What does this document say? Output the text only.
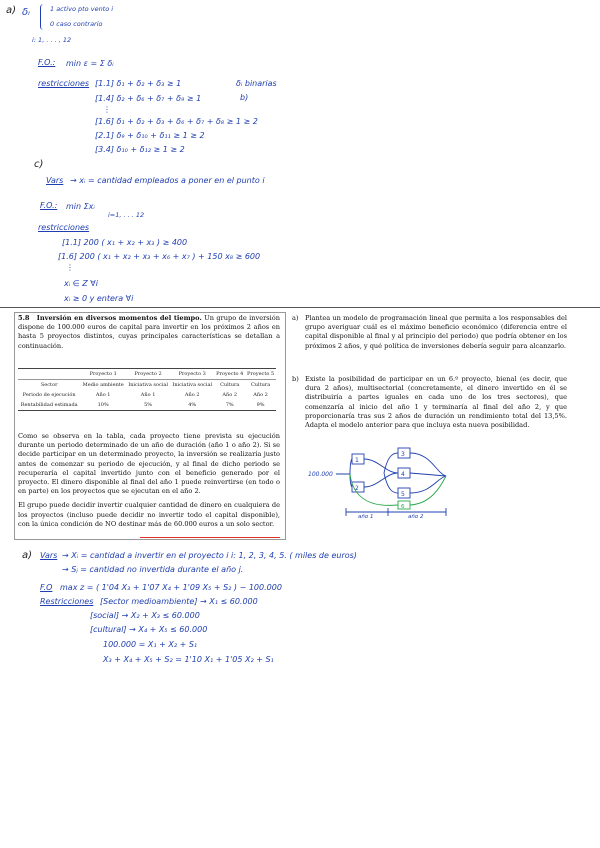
a) δᵢ	1 activo pto vento i
0 caso contrario
i: 1, . . . , 12
F.O.: min ε = Σ δᵢ
restricciones [1.1] δ₁ + δ₂ + δ₃ ≥ 1
[1.4] δ₂ + δ₆ + δ₇ + δ₉ ≥ 1
⋮
[1.6] δ₁ + δ₂ + δ₃ + δ₆ + δ₇ + δ₈ ≥ 1 ≥ 2
[2.1] δ₉ + δ₁₀ + δ₁₁ ≥ 1 ≥ 2
[3.4] δ₁₀ + δ₁₂ ≥ 1 ≥ 2
δᵢ binarias
b)
c)
Vars → xᵢ = cantidad empleados a poner en el punto i
F.O.: min Σxᵢ
i=1, . . . 12
restricciones
[1.1] 200 ( x₁ + x₂ + x₃ ) ≥ 400
[1.6] 200 ( x₁ + x₂ + x₃ + x₆ + x₇ ) + 150 x₈ ≥ 600
⋮
xᵢ ∈ Z ∀i
xᵢ ≥ 0 y entera ∀i

5.8 Inversión en diversos momentos del tiempo. Un grupo de inversión dispone de 100.000 euros de capital para invertir en los próximos 2 años en hasta 5 proyectos distintos, cuyas principales características se detallan a continuación.

	Proyecto 1	Proyecto 2	Proyecto 3	Proyecto 4	Proyecto 5
Sector	Medio ambiente	Iniciativa social	Iniciativa social	Cultura	Cultura
Periodo de ejecución	Año 1	Año 1	Año 2	Año 2	Año 2
Rentabilidad estimada	10%	5%	4%	7%	9%

Como se observa en la tabla, cada proyecto tiene prevista su ejecución durante un periodo determinado de un año de duración (año 1 o año 2). Si se decide participar en un determinado proyecto, la inversión se realizaría justo antes de comenzar su periodo de ejecución, y al final de dicho periodo se recuperaría el capital invertido junto con el beneficio generado por el proyecto. El dinero disponible al final del año 1 puede reinvertirse (en todo o en parte) en los proyectos que se ejecutan en el año 2.

El grupo puede decidir invertir cualquier cantidad de dinero en cualquiera de los proyectos (incluso puede decidir no invertir todo el capital disponible), con la única condición de NO destinar más de 60.000 euros a un solo sector.

a) Plantea un modelo de programación lineal que permita a los responsables del grupo averiguar cuál es el máximo beneficio económico (diferencia entre el capital disponible al final y al principio del periodo) que podría obtener en los próximos 2 años, y qué política de inversiones debería seguir para alcanzarlo.

b) Existe la posibilidad de participar en un 6.º proyecto, bienal (es decir, que dura 2 años), multisectorial (concretamente, el dinero invertido en él se distribuiría a partes iguales en cada uno de los tres sectores), que comenzaría al inicio del año 1 y terminaría al final del año 2, y que proporcionaría tras sus 2 años de duración un rendimiento total del 13,5%. Adapta el modelo anterior para que incluya esta nueva posibilidad.

100.000
1
2
3
4
5
6
año 1	año 2
a) Vars → Xᵢ = cantidad a invertir en el proyecto i i: 1, 2, 3, 4, 5. ( miles de euros)
→ Sⱼ = cantidad no invertida durante el año j.
F.O max z = ( 1'04 X₃ + 1'07 X₄ + 1'09 X₅ + S₂ ) − 100.000
Restricciones [Sector medioambiente] → X₁ ≤ 60.000
[social] → X₂ + X₃ ≤ 60.000
[cultural] → X₄ + X₅ ≤ 60.000
100.000 = X₁ + X₂ + S₁
X₃ + X₄ + X₅ + S₂ = 1'10 X₁ + 1'05 X₂ + S₁
